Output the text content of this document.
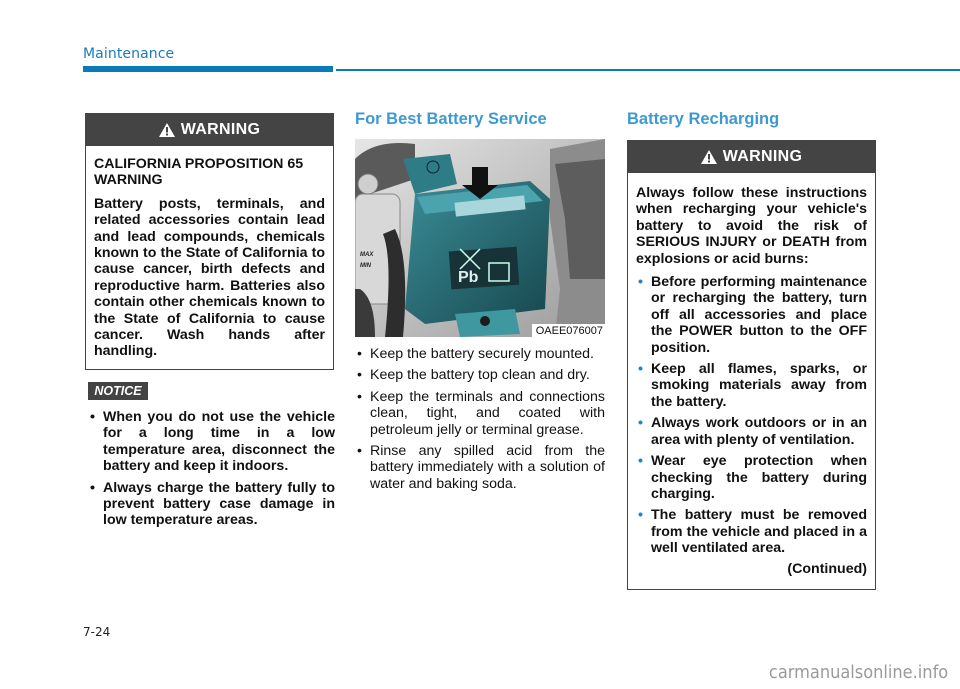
Maintenance
WARNING

CALIFORNIA PROPOSITION 65 WARNING

Battery posts, terminals, and related accessories contain lead and lead compounds, chemicals known to the State of California to cause cancer, birth defects and reproductive harm. Batteries also contain other chemicals known to the State of California to cause cancer. Wash hands after handling.

NOTICE
• When you do not use the vehicle for a long time in a low temperature area, disconnect the battery and keep it indoors.
• Always charge the battery fully to prevent battery case damage in low temperature areas.
For Best Battery Service
MAX
MIN
Pb
OAEE076007
• Keep the battery securely mounted.
• Keep the battery top clean and dry.
• Keep the terminals and connections clean, tight, and coated with petroleum jelly or terminal grease.
• Rinse any spilled acid from the battery immediately with a solution of water and baking soda.
Battery Recharging
WARNING

Always follow these instructions when recharging your vehicle's battery to avoid the risk of SERIOUS INJURY or DEATH from explosions or acid burns:

• Before performing maintenance or recharging the battery, turn off all accessories and place the POWER button to the OFF position.
• Keep all flames, sparks, or smoking materials away from the battery.
• Always work outdoors or in an area with plenty of ventilation.
• Wear eye protection when checking the battery during charging.
• The battery must be removed from the vehicle and placed in a well ventilated area.
(Continued)
7-24
carmanualsonline.info
